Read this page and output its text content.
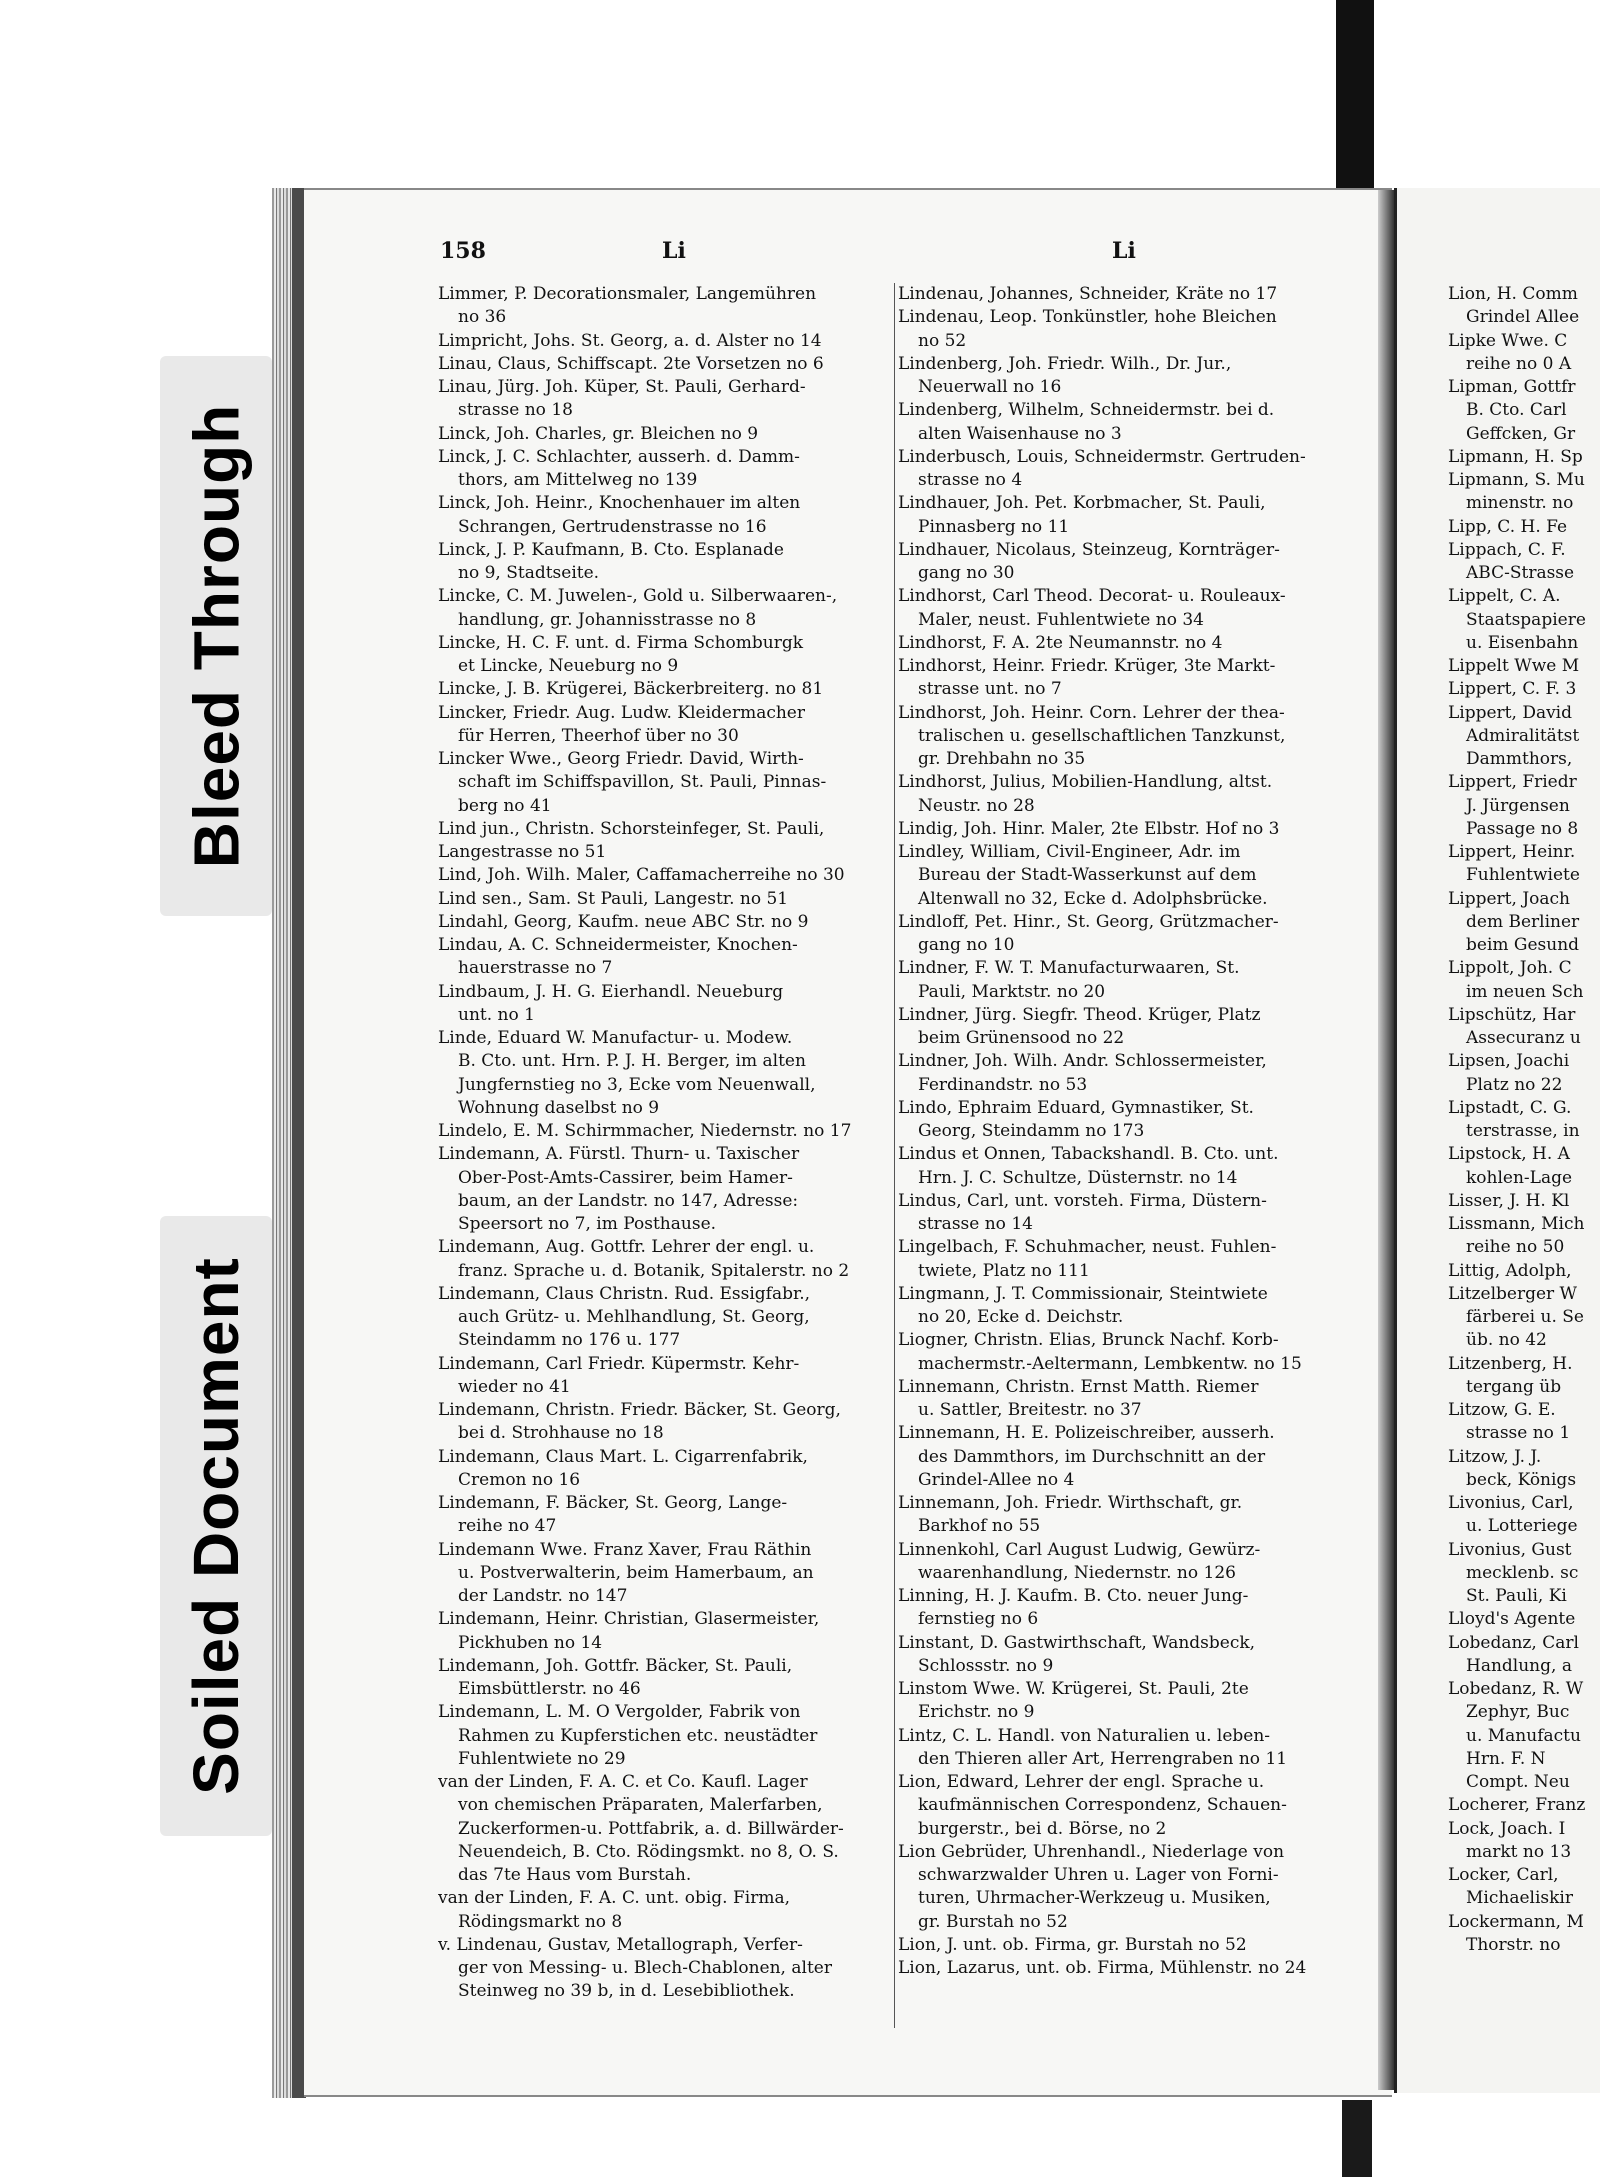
Bleed Through
Soiled Document
158	Li	Li
Limmer, P. Decorationsmaler, Langemühren
no 36
Limpricht, Johs. St. Georg, a. d. Alster no 14
Linau, Claus, Schiffscapt. 2te Vorsetzen no 6
Linau, Jürg. Joh. Küper, St. Pauli, Gerhard-
strasse no 18
Linck, Joh. Charles, gr. Bleichen no 9
Linck, J. C. Schlachter, ausserh. d. Damm-
thors, am Mittelweg no 139
Linck, Joh. Heinr., Knochenhauer im alten
Schrangen, Gertrudenstrasse no 16
Linck, J. P. Kaufmann, B. Cto. Esplanade
no 9, Stadtseite.
Lincke, C. M. Juwelen-, Gold u. Silberwaaren-,
handlung, gr. Johannisstrasse no 8
Lincke, H. C. F. unt. d. Firma Schomburgk
et Lincke, Neueburg no 9
Lincke, J. B. Krügerei, Bäckerbreiterg. no 81
Lincker, Friedr. Aug. Ludw. Kleidermacher
für Herren, Theerhof über no 30
Lincker Wwe., Georg Friedr. David, Wirth-
schaft im Schiffspavillon, St. Pauli, Pinnas-
berg no 41
Lind jun., Christn. Schorsteinfeger, St. Pauli,
Langestrasse no 51
Lind, Joh. Wilh. Maler, Caffamacherreihe no 30
Lind sen., Sam. St Pauli, Langestr. no 51
Lindahl, Georg, Kaufm. neue ABC Str. no 9
Lindau, A. C. Schneidermeister, Knochen-
hauerstrasse no 7
Lindbaum, J. H. G. Eierhandl. Neueburg
unt. no 1
Linde, Eduard W. Manufactur- u. Modew.
B. Cto. unt. Hrn. P. J. H. Berger, im alten
Jungfernstieg no 3, Ecke vom Neuenwall,
Wohnung daselbst no 9
Lindelo, E. M. Schirmmacher, Niedernstr. no 17
Lindemann, A. Fürstl. Thurn- u. Taxischer
Ober-Post-Amts-Cassirer, beim Hamer-
baum, an der Landstr. no 147, Adresse:
Speersort no 7, im Posthause.
Lindemann, Aug. Gottfr. Lehrer der engl. u.
franz. Sprache u. d. Botanik, Spitalerstr. no 2
Lindemann, Claus Christn. Rud. Essigfabr.,
auch Grütz- u. Mehlhandlung, St. Georg,
Steindamm no 176 u. 177
Lindemann, Carl Friedr. Küpermstr. Kehr-
wieder no 41
Lindemann, Christn. Friedr. Bäcker, St. Georg,
bei d. Strohhause no 18
Lindemann, Claus Mart. L. Cigarrenfabrik,
Cremon no 16
Lindemann, F. Bäcker, St. Georg, Lange-
reihe no 47
Lindemann Wwe. Franz Xaver, Frau Räthin
u. Postverwalterin, beim Hamerbaum, an
der Landstr. no 147
Lindemann, Heinr. Christian, Glasermeister,
Pickhuben no 14
Lindemann, Joh. Gottfr. Bäcker, St. Pauli,
Eimsbüttlerstr. no 46
Lindemann, L. M. O Vergolder, Fabrik von
Rahmen zu Kupferstichen etc. neustädter
Fuhlentwiete no 29
van der Linden, F. A. C. et Co. Kaufl. Lager
von chemischen Präparaten, Malerfarben,
Zuckerformen-u. Pottfabrik, a. d. Billwärder-
Neuendeich, B. Cto. Rödingsmkt. no 8, O. S.
das 7te Haus vom Burstah.
van der Linden, F. A. C. unt. obig. Firma,
Rödingsmarkt no 8
v. Lindenau, Gustav, Metallograph, Verfer-
ger von Messing- u. Blech-Chablonen, alter
Steinweg no 39 b, in d. Lesebibliothek.
Lindenau, Johannes, Schneider, Kräte no 17
Lindenau, Leop. Tonkünstler, hohe Bleichen
no 52
Lindenberg, Joh. Friedr. Wilh., Dr. Jur.,
Neuerwall no 16
Lindenberg, Wilhelm, Schneidermstr. bei d.
alten Waisenhause no 3
Linderbusch, Louis, Schneidermstr. Gertruden-
strasse no 4
Lindhauer, Joh. Pet. Korbmacher, St. Pauli,
Pinnasberg no 11
Lindhauer, Nicolaus, Steinzeug, Kornträger-
gang no 30
Lindhorst, Carl Theod. Decorat- u. Rouleaux-
Maler, neust. Fuhlentwiete no 34
Lindhorst, F. A. 2te Neumannstr. no 4
Lindhorst, Heinr. Friedr. Krüger, 3te Markt-
strasse unt. no 7
Lindhorst, Joh. Heinr. Corn. Lehrer der thea-
tralischen u. gesellschaftlichen Tanzkunst,
gr. Drehbahn no 35
Lindhorst, Julius, Mobilien-Handlung, altst.
Neustr. no 28
Lindig, Joh. Hinr. Maler, 2te Elbstr. Hof no 3
Lindley, William, Civil-Engineer, Adr. im
Bureau der Stadt-Wasserkunst auf dem
Altenwall no 32, Ecke d. Adolphsbrücke.
Lindloff, Pet. Hinr., St. Georg, Grützmacher-
gang no 10
Lindner, F. W. T. Manufacturwaaren, St.
Pauli, Marktstr. no 20
Lindner, Jürg. Siegfr. Theod. Krüger, Platz
beim Grünensood no 22
Lindner, Joh. Wilh. Andr. Schlossermeister,
Ferdinandstr. no 53
Lindo, Ephraim Eduard, Gymnastiker, St.
Georg, Steindamm no 173
Lindus et Onnen, Tabackshandl. B. Cto. unt.
Hrn. J. C. Schultze, Düsternstr. no 14
Lindus, Carl, unt. vorsteh. Firma, Düstern-
strasse no 14
Lingelbach, F. Schuhmacher, neust. Fuhlen-
twiete, Platz no 111
Lingmann, J. T. Commissionair, Steintwiete
no 20, Ecke d. Deichstr.
Liogner, Christn. Elias, Brunck Nachf. Korb-
machermstr.-Aeltermann, Lembkentw. no 15
Linnemann, Christn. Ernst Matth. Riemer
u. Sattler, Breitestr. no 37
Linnemann, H. E. Polizeischreiber, ausserh.
des Dammthors, im Durchschnitt an der
Grindel-Allee no 4
Linnemann, Joh. Friedr. Wirthschaft, gr.
Barkhof no 55
Linnenkohl, Carl August Ludwig, Gewürz-
waarenhandlung, Niedernstr. no 126
Linning, H. J. Kaufm. B. Cto. neuer Jung-
fernstieg no 6
Linstant, D. Gastwirthschaft, Wandsbeck,
Schlossstr. no 9
Linstom Wwe. W. Krügerei, St. Pauli, 2te
Erichstr. no 9
Lintz, C. L. Handl. von Naturalien u. leben-
den Thieren aller Art, Herrengraben no 11
Lion, Edward, Lehrer der engl. Sprache u.
kaufmännischen Correspondenz, Schauen-
burgerstr., bei d. Börse, no 2
Lion Gebrüder, Uhrenhandl., Niederlage von
schwarzwalder Uhren u. Lager von Forni-
turen, Uhrmacher-Werkzeug u. Musiken,
gr. Burstah no 52
Lion, J. unt. ob. Firma, gr. Burstah no 52
Lion, Lazarus, unt. ob. Firma, Mühlenstr. no 24
Lion, H. Comm
Grindel Allee
Lipke Wwe. C
reihe no 0 A
Lipman, Gottfr
B. Cto. Carl
Geffcken, Gr
Lipmann, H. Sp
Lipmann, S. Mu
minenstr. no
Lipp, C. H. Fe
Lippach, C. F.
ABC-Strasse
Lippelt, C. A.
Staatspapiere
u. Eisenbahn
Lippelt Wwe M
Lippert, C. F. 3
Lippert, David
Admiralitätst
Dammthors,
Lippert, Friedr
J. Jürgensen
Passage no 8
Lippert, Heinr.
Fuhlentwiete
Lippert, Joach
dem Berliner
beim Gesund
Lippolt, Joh. C
im neuen Sch
Lipschütz, Har
Assecuranz u
Lipsen, Joachi
Platz no 22
Lipstadt, C. G.
terstrasse, in
Lipstock, H. A
kohlen-Lage
Lisser, J. H. Kl
Lissmann, Mich
reihe no 50
Littig, Adolph,
Litzelberger W
färberei u. Se
üb. no 42
Litzenberg, H.
tergang üb
Litzow, G. E.
strasse no 1
Litzow, J. J.
beck, Königs
Livonius, Carl,
u. Lotteriege
Livonius, Gust
mecklenb. sc
St. Pauli, Ki
Lloyd's Agente
Lobedanz, Carl
Handlung, a
Lobedanz, R. W
Zephyr, Buc
u. Manufactu
Hrn. F. N
Compt. Neu
Locherer, Franz
Lock, Joach. I
markt no 13
Locker, Carl,
Michaeliskir
Lockermann, M
Thorstr. no
